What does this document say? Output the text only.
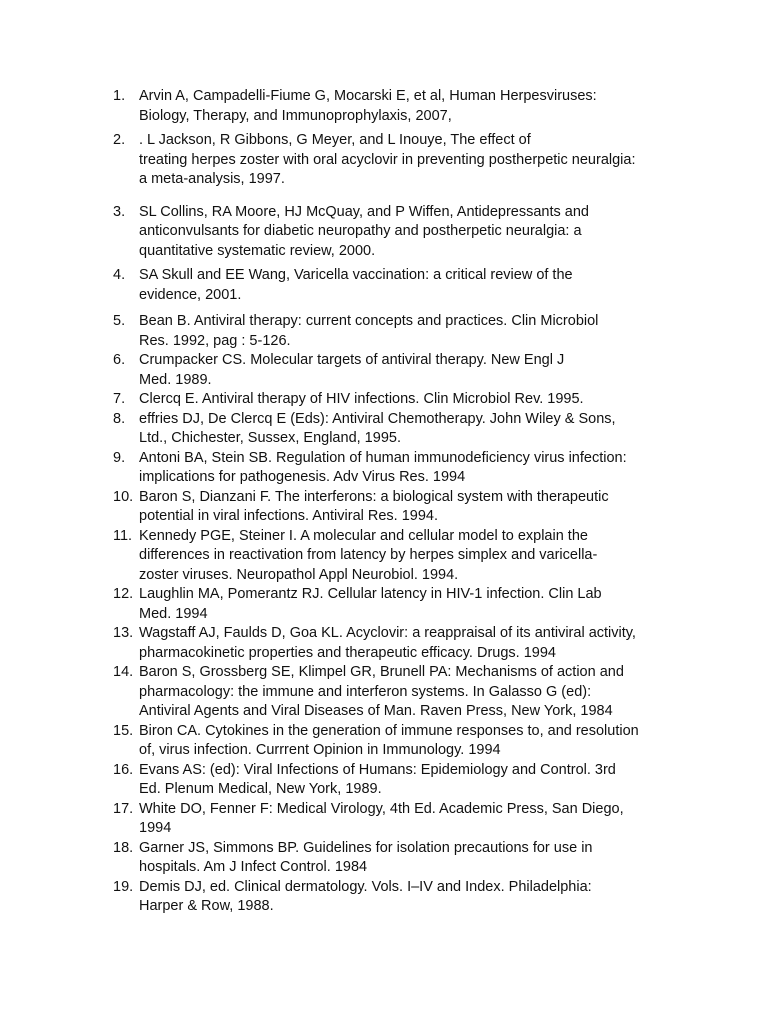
1. Arvin A, Campadelli-Fiume G, Mocarski E, et al, Human Herpesviruses:
Biology, Therapy, and Immunoprophylaxis, 2007,
2. . L Jackson, R Gibbons, G Meyer, and L Inouye, The effect of
treating herpes zoster with oral acyclovir in preventing postherpetic neuralgia:
a meta-analysis, 1997.
3. SL Collins, RA Moore, HJ McQuay, and P Wiffen, Antidepressants and
anticonvulsants for diabetic neuropathy and postherpetic neuralgia: a
quantitative systematic review, 2000.
4. SA Skull and EE Wang, Varicella vaccination: a critical review of the
evidence, 2001.
5. Bean B. Antiviral therapy: current concepts and practices. Clin Microbiol
Res. 1992, pag : 5-126.
6. Crumpacker CS. Molecular targets of antiviral therapy. New Engl J
Med. 1989.
7. Clercq E. Antiviral therapy of HIV infections. Clin Microbiol Rev. 1995.
8. effries DJ, De Clercq E (Eds): Antiviral Chemotherapy. John Wiley & Sons,
Ltd., Chichester, Sussex, England, 1995.
9. Antoni BA, Stein SB. Regulation of human immunodeficiency virus infection:
implications for pathogenesis. Adv Virus Res. 1994
10. Baron S, Dianzani F. The interferons: a biological system with therapeutic
potential in viral infections. Antiviral Res. 1994.
11. Kennedy PGE, Steiner I. A molecular and cellular model to explain the
differences in reactivation from latency by herpes simplex and varicella-
zoster viruses. Neuropathol Appl Neurobiol. 1994.
12. Laughlin MA, Pomerantz RJ. Cellular latency in HIV-1 infection. Clin Lab
Med. 1994
13. Wagstaff AJ, Faulds D, Goa KL. Acyclovir: a reappraisal of its antiviral activity,
pharmacokinetic properties and therapeutic efficacy. Drugs. 1994
14. Baron S, Grossberg SE, Klimpel GR, Brunell PA: Mechanisms of action and
pharmacology: the immune and interferon systems. In Galasso G (ed):
Antiviral Agents and Viral Diseases of Man. Raven Press, New York, 1984
15. Biron CA. Cytokines in the generation of immune responses to, and resolution
of, virus infection. Currrent Opinion in Immunology. 1994
16. Evans AS: (ed): Viral Infections of Humans: Epidemiology and Control. 3rd
Ed. Plenum Medical, New York, 1989.
17. White DO, Fenner F: Medical Virology, 4th Ed. Academic Press, San Diego,
1994
18. Garner JS, Simmons BP. Guidelines for isolation precautions for use in
hospitals. Am J Infect Control. 1984
19. Demis DJ, ed. Clinical dermatology. Vols. I–IV and Index. Philadelphia:
Harper & Row, 1988.
